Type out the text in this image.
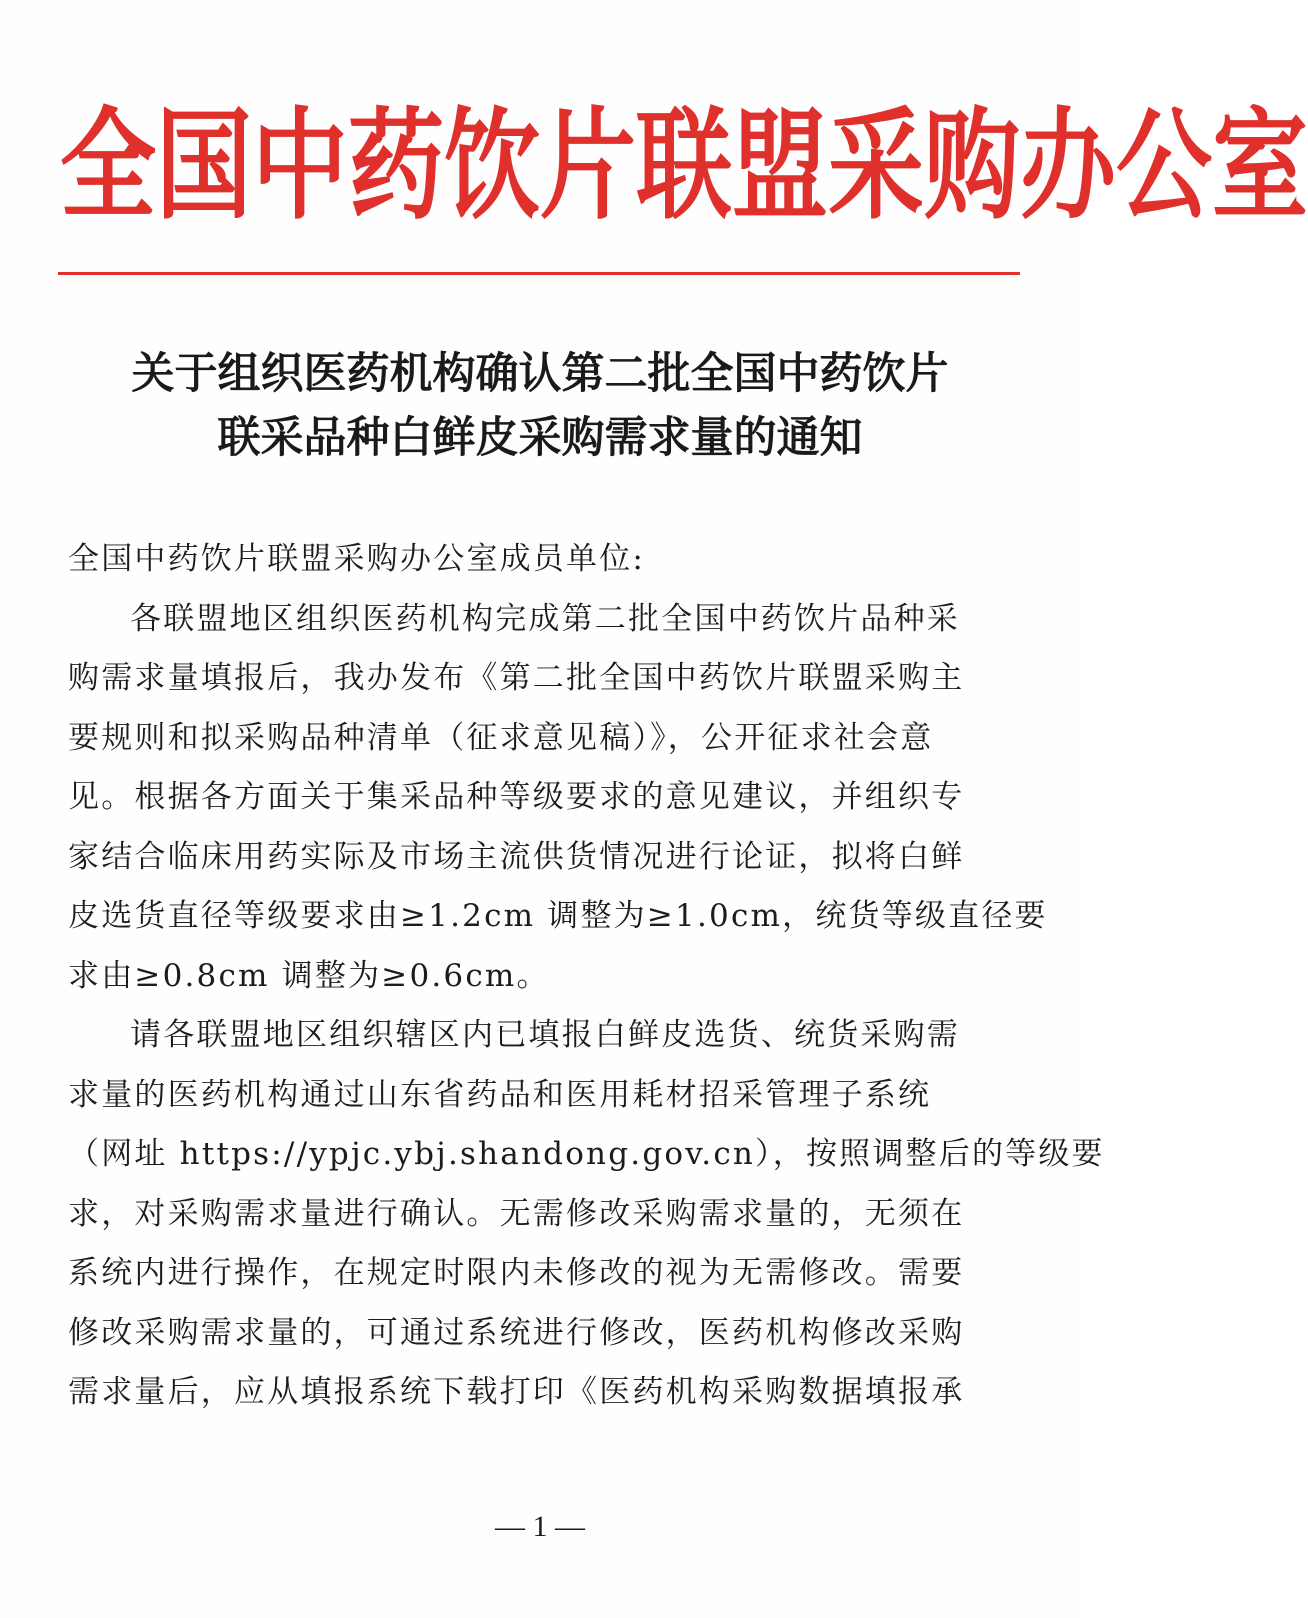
全国中药饮片联盟采购办公室
关于组织医药机构确认第二批全国中药饮片
联采品种白鲜皮采购需求量的通知
全国中药饮片联盟采购办公室成员单位:

各联盟地区组织医药机构完成第二批全国中药饮片品种采
购需求量填报后，我办发布《第二批全国中药饮片联盟采购主
要规则和拟采购品种清单（征求意见稿）》，公开征求社会意
见。根据各方面关于集采品种等级要求的意见建议，并组织专
家结合临床用药实际及市场主流供货情况进行论证，拟将白鲜
皮选货直径等级要求由≥1.2cm 调整为≥1.0cm，统货等级直径要
求由≥0.8cm 调整为≥0.6cm。

请各联盟地区组织辖区内已填报白鲜皮选货、统货采购需
求量的医药机构通过山东省药品和医用耗材招采管理子系统
（网址 https://ypjc.ybj.shandong.gov.cn），按照调整后的等级要
求，对采购需求量进行确认。无需修改采购需求量的，无须在
系统内进行操作，在规定时限内未修改的视为无需修改。需要
修改采购需求量的，可通过系统进行修改，医药机构修改采购
需求量后，应从填报系统下载打印《医药机构采购数据填报承

— 1 —
